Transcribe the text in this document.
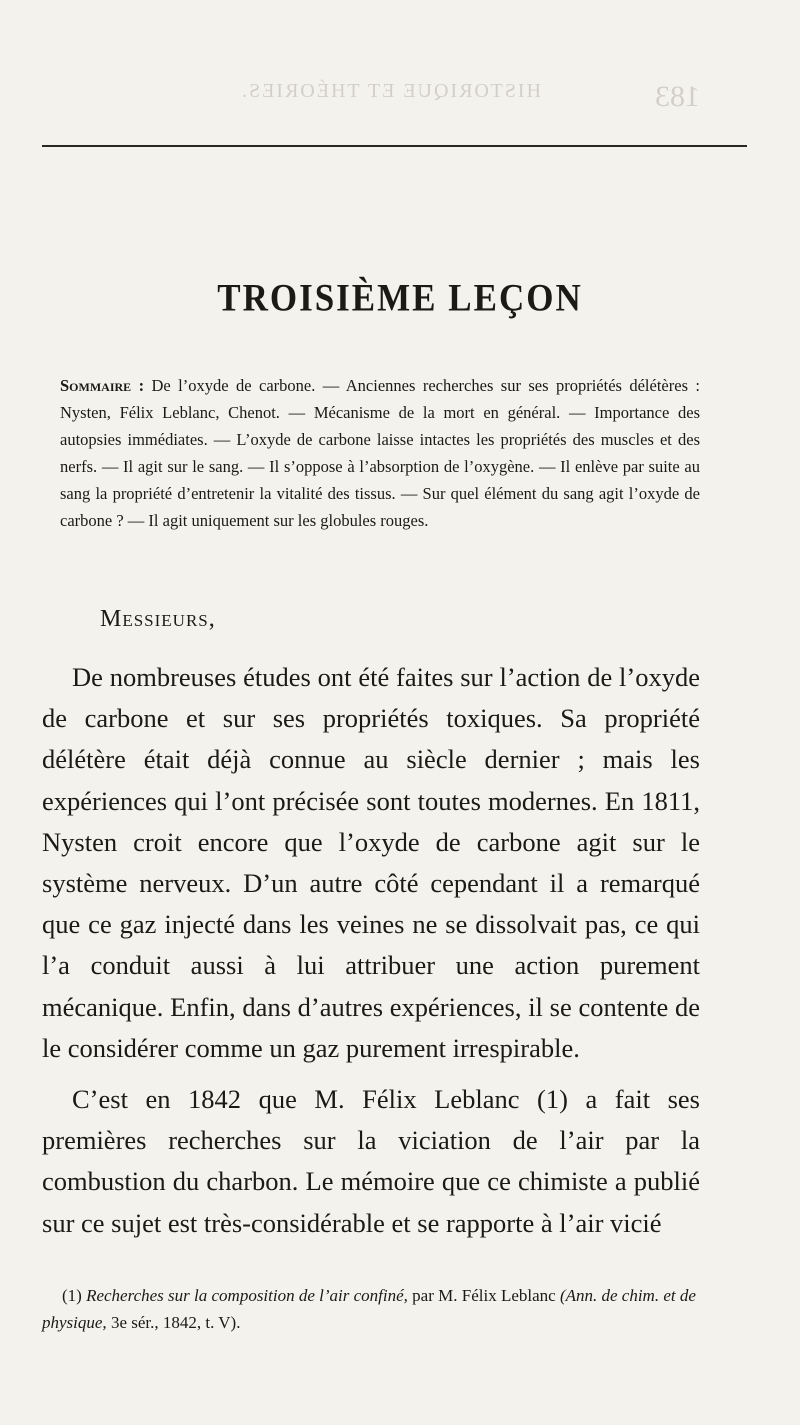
HISTORIQUE ET THÉORIES.	183
TROISIÈME LEÇON
Sommaire : De l’oxyde de carbone. — Anciennes recherches sur ses propriétés délétères : Nysten, Félix Leblanc, Chenot. — Mécanisme de la mort en général. — Importance des autopsies immédiates. — L’oxyde de carbone laisse intactes les propriétés des muscles et des nerfs. — Il agit sur le sang. — Il s’oppose à l’absorption de l’oxygène. — Il enlève par suite au sang la propriété d’entretenir la vitalité des tissus. — Sur quel élément du sang agit l’oxyde de carbone ? — Il agit uniquement sur les globules rouges.
Messieurs,

De nombreuses études ont été faites sur l’action de l’oxyde de carbone et sur ses propriétés toxiques. Sa propriété délétère était déjà connue au siècle dernier ; mais les expériences qui l’ont précisée sont toutes modernes. En 1811, Nysten croit encore que l’oxyde de carbone agit sur le système nerveux. D’un autre côté cependant il a remarqué que ce gaz injecté dans les veines ne se dissolvait pas, ce qui l’a conduit aussi à lui attribuer une action purement mécanique. Enfin, dans d’autres expériences, il se contente de le considérer comme un gaz purement irrespirable.

C’est en 1842 que M. Félix Leblanc (1) a fait ses premières recherches sur la viciation de l’air par la combustion du charbon. Le mémoire que ce chimiste a publié sur ce sujet est très-considérable et se rapporte à l’air vicié

(1) Recherches sur la composition de l’air confiné, par M. Félix Leblanc (Ann. de chim. et de physique, 3e sér., 1842, t. V).
